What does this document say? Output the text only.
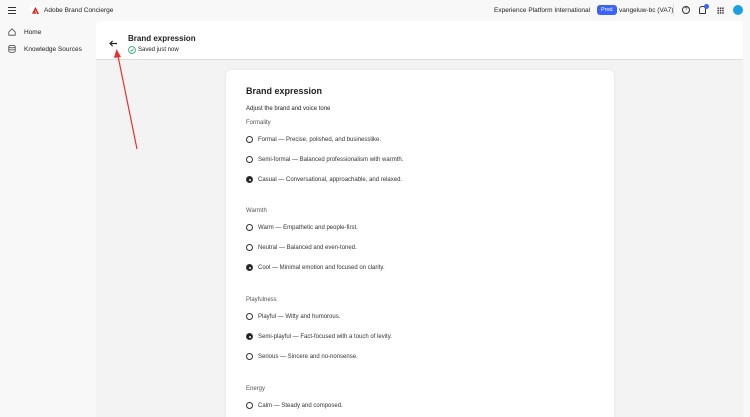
Adobe Brand Concierge	Experience Platform International	Prod vangeluw-bc (VA7)	?
Home
Knowledge Sources
Brand expression
Saved just now
Brand expression
Adjust the brand and voice tone
Formality
Formal — Precise, polished, and businesslike.
Semi-formal — Balanced professionalism with warmth.
Casual — Conversational, approachable, and relaxed.
Warmth
Warm — Empathetic and people-first.
Neutral — Balanced and even-toned.
Cool — Minimal emotion and focused on clarity.
Playfulness
Playful — Witty and humorous.
Semi-playful — Fact-focused with a touch of levity.
Serious — Sincere and no-nonsense.
Energy
Calm — Steady and composed.
